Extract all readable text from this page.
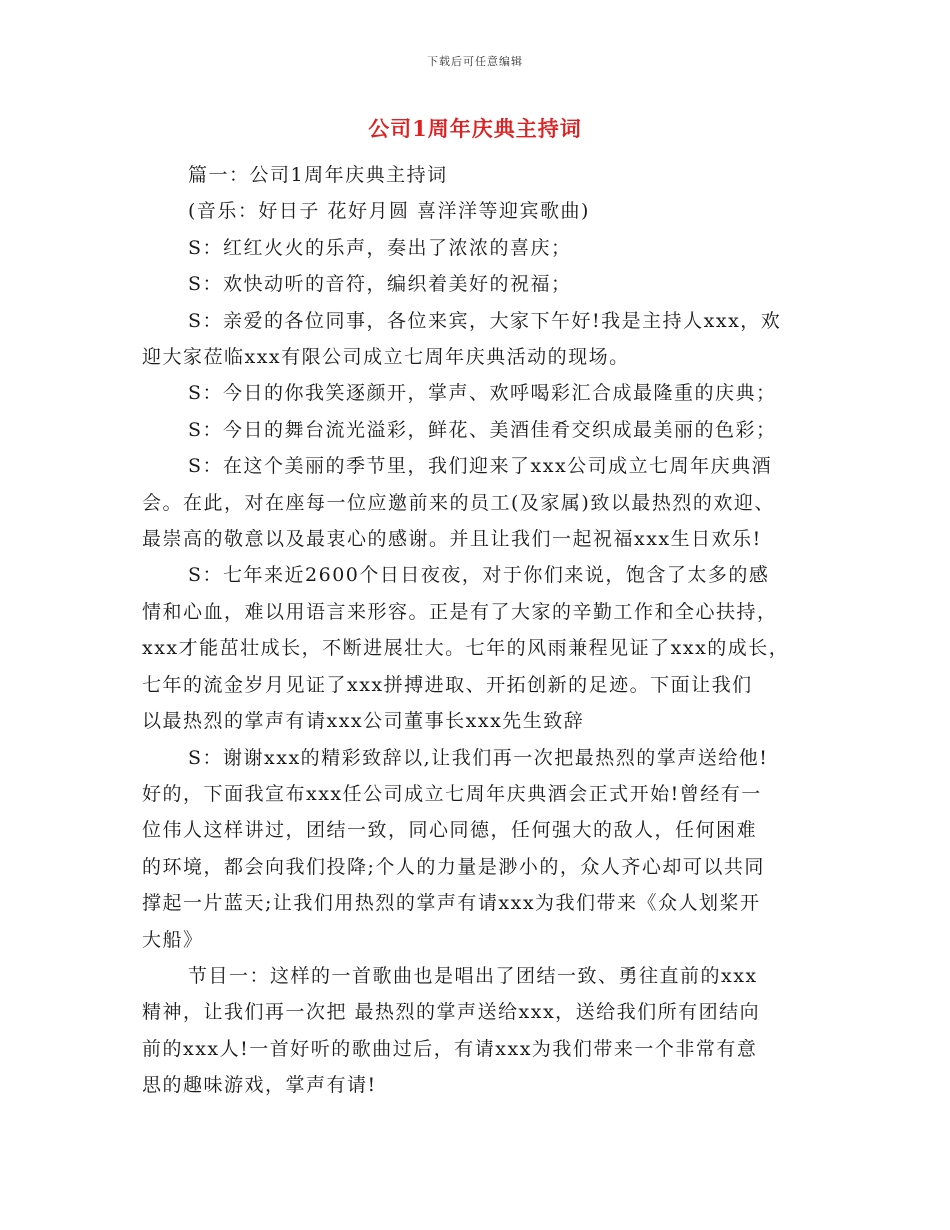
下载后可任意编辑
公司1周年庆典主持词
篇一：公司1周年庆典主持词
(音乐：好日子 花好月圆 喜洋洋等迎宾歌曲)
S：红红火火的乐声，奏出了浓浓的喜庆；
S：欢快动听的音符，编织着美好的祝福；
S：亲爱的各位同事，各位来宾，大家下午好!我是主持人xxx，欢
迎大家莅临xxx有限公司成立七周年庆典活动的现场。
S：今日的你我笑逐颜开，掌声、欢呼喝彩汇合成最隆重的庆典；
S：今日的舞台流光溢彩，鲜花、美酒佳肴交织成最美丽的色彩；
S：在这个美丽的季节里，我们迎来了xxx公司成立七周年庆典酒
会。在此，对在座每一位应邀前来的员工(及家属)致以最热烈的欢迎、
最崇高的敬意以及最衷心的感谢。并且让我们一起祝福xxx生日欢乐!
S：七年来近2600个日日夜夜，对于你们来说，饱含了太多的感
情和心血，难以用语言来形容。正是有了大家的辛勤工作和全心扶持，
xxx才能茁壮成长，不断进展壮大。七年的风雨兼程见证了xxx的成长，
七年的流金岁月见证了xxx拼搏进取、开拓创新的足迹。下面让我们
以最热烈的掌声有请xxx公司董事长xxx先生致辞
S：谢谢xxx的精彩致辞以,让我们再一次把最热烈的掌声送给他!
好的，下面我宣布xxx任公司成立七周年庆典酒会正式开始!曾经有一
位伟人这样讲过，团结一致，同心同德，任何强大的敌人，任何困难
的环境，都会向我们投降;个人的力量是渺小的，众人齐心却可以共同
撑起一片蓝天;让我们用热烈的掌声有请xxx为我们带来《众人划桨开
大船》
节目一：这样的一首歌曲也是唱出了团结一致、勇往直前的xxx
精神，让我们再一次把 最热烈的掌声送给xxx，送给我们所有团结向
前的xxx人!一首好听的歌曲过后，有请xxx为我们带来一个非常有意
思的趣味游戏，掌声有请!
